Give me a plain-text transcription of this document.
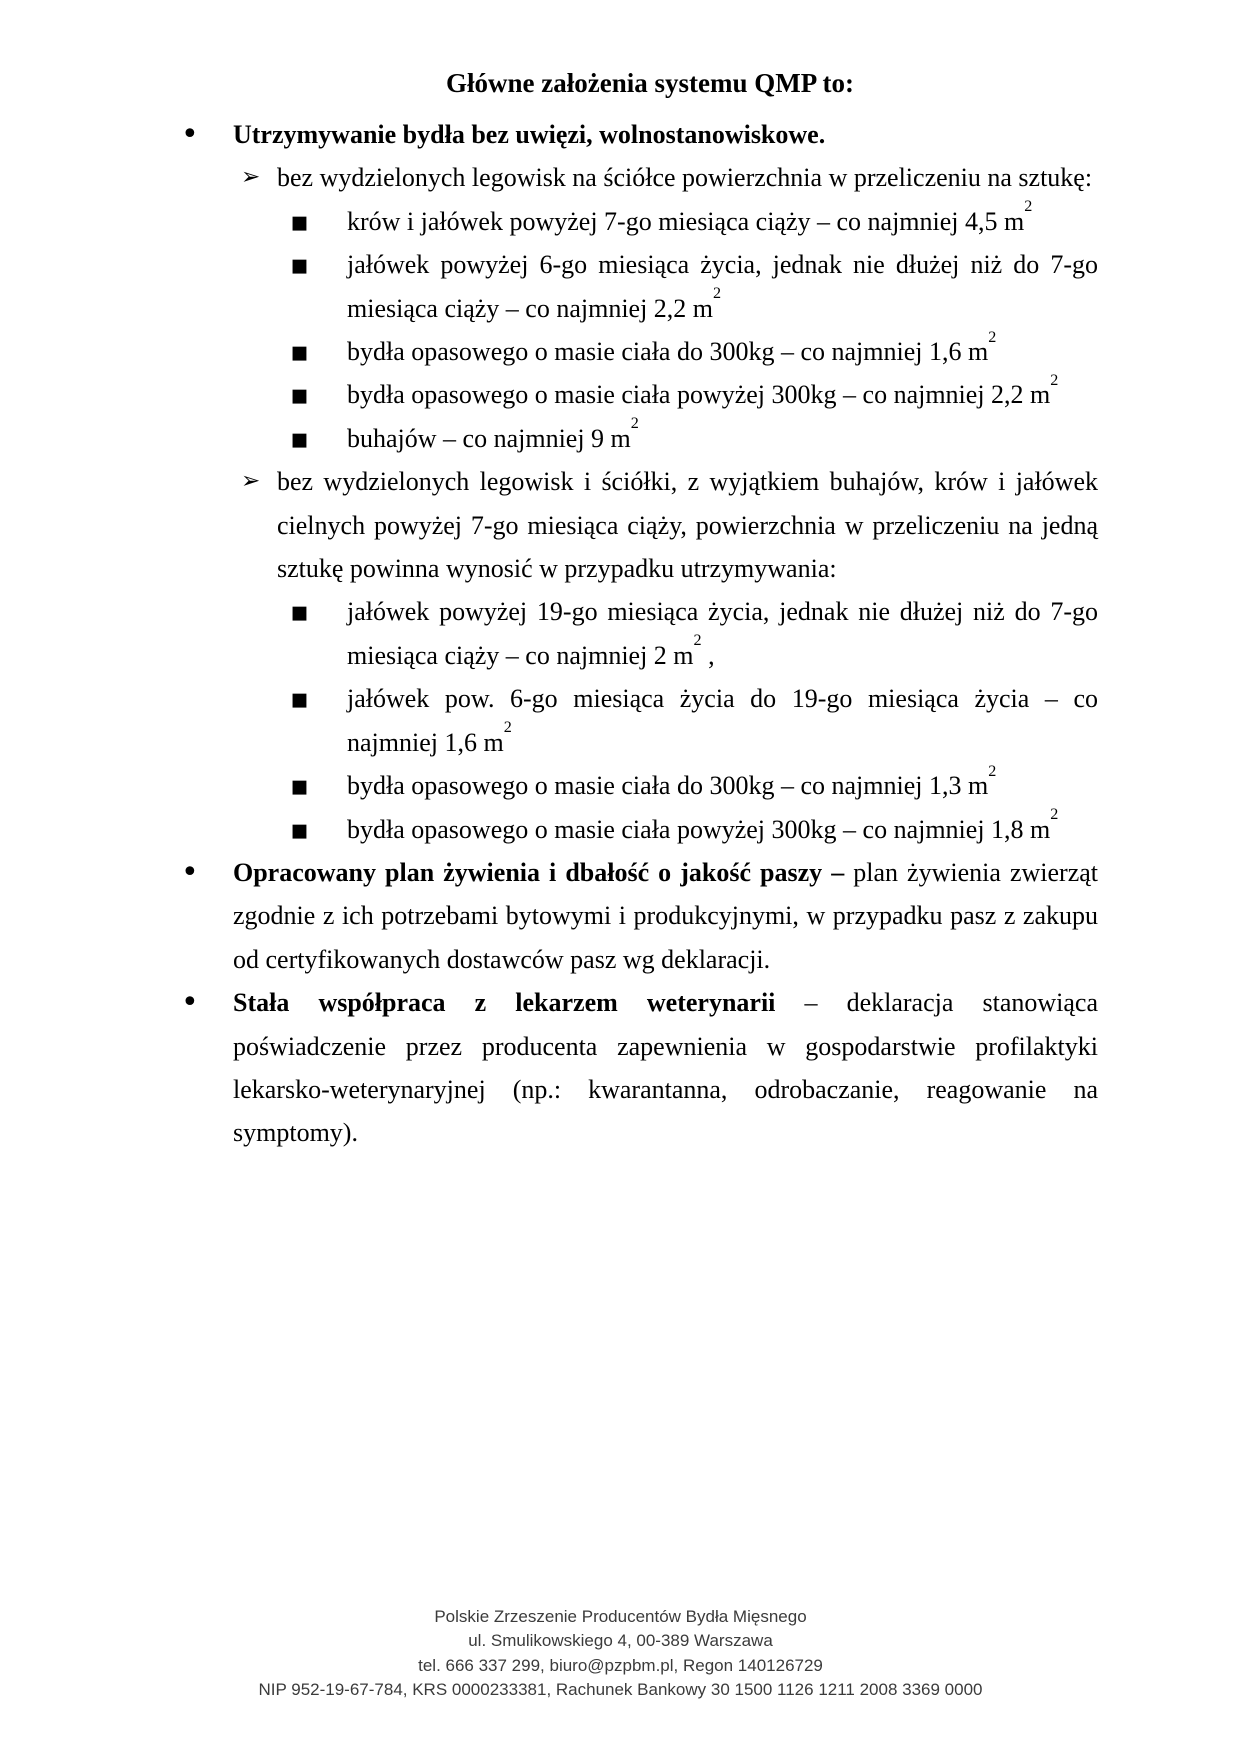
Główne założenia systemu QMP to:
• Utrzymywanie bydła bez uwięzi, wolnostanowiskowe.
➢ bez wydzielonych legowisk na ściółce powierzchnia w przeliczeniu na sztukę:
▪ krów i jałówek powyżej 7-go miesiąca ciąży – co najmniej 4,5 $m^2$
▪ jałówek powyżej 6-go miesiąca życia, jednak nie dłużej niż do 7-go miesiąca ciąży – co najmniej 2,2 $m^2$
▪ bydła opasowego o masie ciała do 300kg – co najmniej 1,6 $m^2$
▪ bydła opasowego o masie ciała powyżej 300kg – co najmniej 2,2 $m^2$
▪ buhajów – co najmniej 9 $m^2$
➢ bez wydzielonych legowisk i ściółki, z wyjątkiem buhajów, krów i jałówek cielnych powyżej 7-go miesiąca ciąży, powierzchnia w przeliczeniu na jedną sztukę powinna wynosić w przypadku utrzymywania:
▪ jałówek powyżej 19-go miesiąca życia, jednak nie dłużej niż do 7-go miesiąca ciąży – co najmniej 2 $m^2$ ,
▪ jałówek pow. 6-go miesiąca życia do 19-go miesiąca życia – co najmniej 1,6 $m^2$
▪ bydła opasowego o masie ciała do 300kg – co najmniej 1,3 $m^2$
▪ bydła opasowego o masie ciała powyżej 300kg – co najmniej 1,8 $m^2$
• Opracowany plan żywienia i dbałość o jakość paszy – plan żywienia zwierząt zgodnie z ich potrzebami bytowymi i produkcyjnymi, w przypadku pasz z zakupu od certyfikowanych dostawców pasz wg deklaracji.
• Stała współpraca z lekarzem weterynarii – deklaracja stanowiąca poświadczenie przez producenta zapewnienia w gospodarstwie profilaktyki lekarsko-weterynaryjnej (np.: kwarantanna, odrobaczanie, reagowanie na symptomy).
Polskie Zrzeszenie Producentów Bydła Mięsnego
ul. Smulikowskiego 4, 00-389 Warszawa
tel. 666 337 299, biuro@pzpbm.pl, Regon 140126729
NIP 952-19-67-784, KRS 0000233381, Rachunek Bankowy 30 1500 1126 1211 2008 3369 0000
